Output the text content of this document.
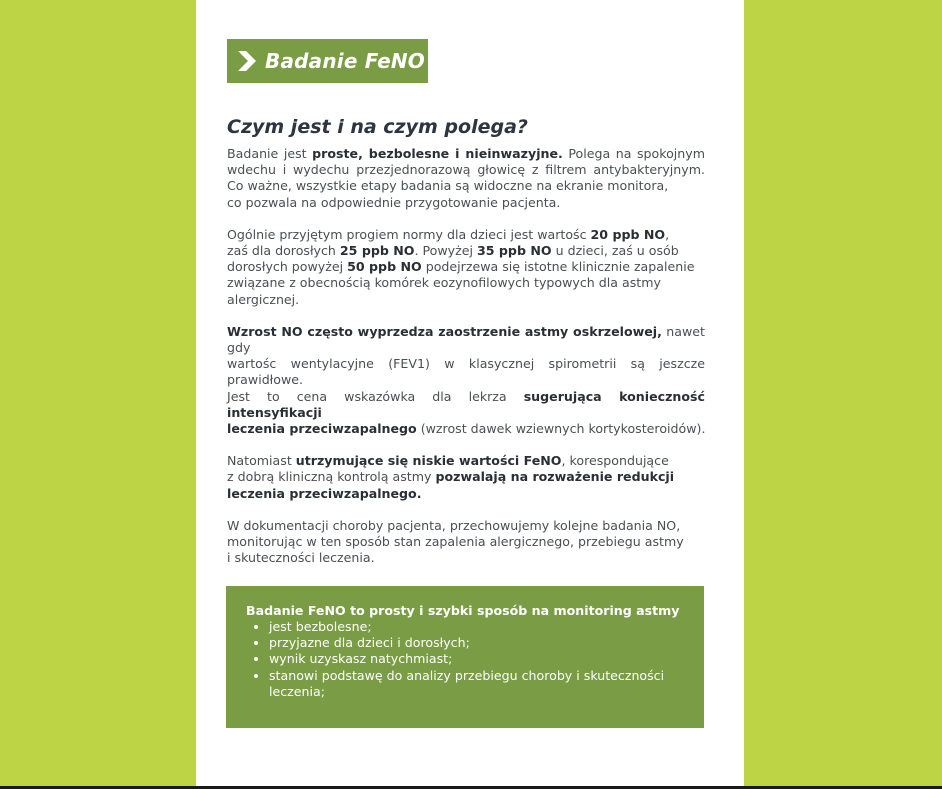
Badanie FeNO
Czym jest i na czym polega?
Badanie jest proste, bezbolesne i nieinwazyjne. Polega na spokojnym
wdechu i wydechu przezjednorazową głowicę z filtrem antybakteryjnym.
Co ważne, wszystkie etapy badania są widoczne na ekranie monitora,
co pozwala na odpowiednie przygotowanie pacjenta.
Ogólnie przyjętym progiem normy dla dzieci jest wartośc 20 ppb NO,
zaś dla dorosłych 25 ppb NO. Powyżej 35 ppb NO u dzieci, zaś u osób
dorosłych powyżej 50 ppb NO podejrzewa się istotne klinicznie zapalenie
związane z obecnością komórek eozynofilowych typowych dla astmy
alergicznej.
Wzrost NO często wyprzedza zaostrzenie astmy oskrzelowej, nawet gdy
wartośc wentylacyjne (FEV1) w klasycznej spirometrii są jeszcze prawidłowe.
Jest to cena wskazówka dla lekrza sugerująca konieczność intensyfikacji
leczenia przeciwzapalnego (wzrost dawek wziewnych kortykosteroidów).
Natomiast utrzymujące się niskie wartości FeNO, korespondujące
z dobrą kliniczną kontrolą astmy pozwalają na rozważenie redukcji
leczenia przeciwzapalnego.
W dokumentacji choroby pacjenta, przechowujemy kolejne badania NO,
monitorując w ten sposób stan zapalenia alergicznego, przebiegu astmy
i skuteczności leczenia.
Badanie FeNO to prosty i szybki sposób na monitoring astmy
jest bezbolesne;
przyjazne dla dzieci i dorosłych;
wynik uzyskasz natychmiast;
stanowi podstawę do analizy przebiegu choroby i skuteczności leczenia;
